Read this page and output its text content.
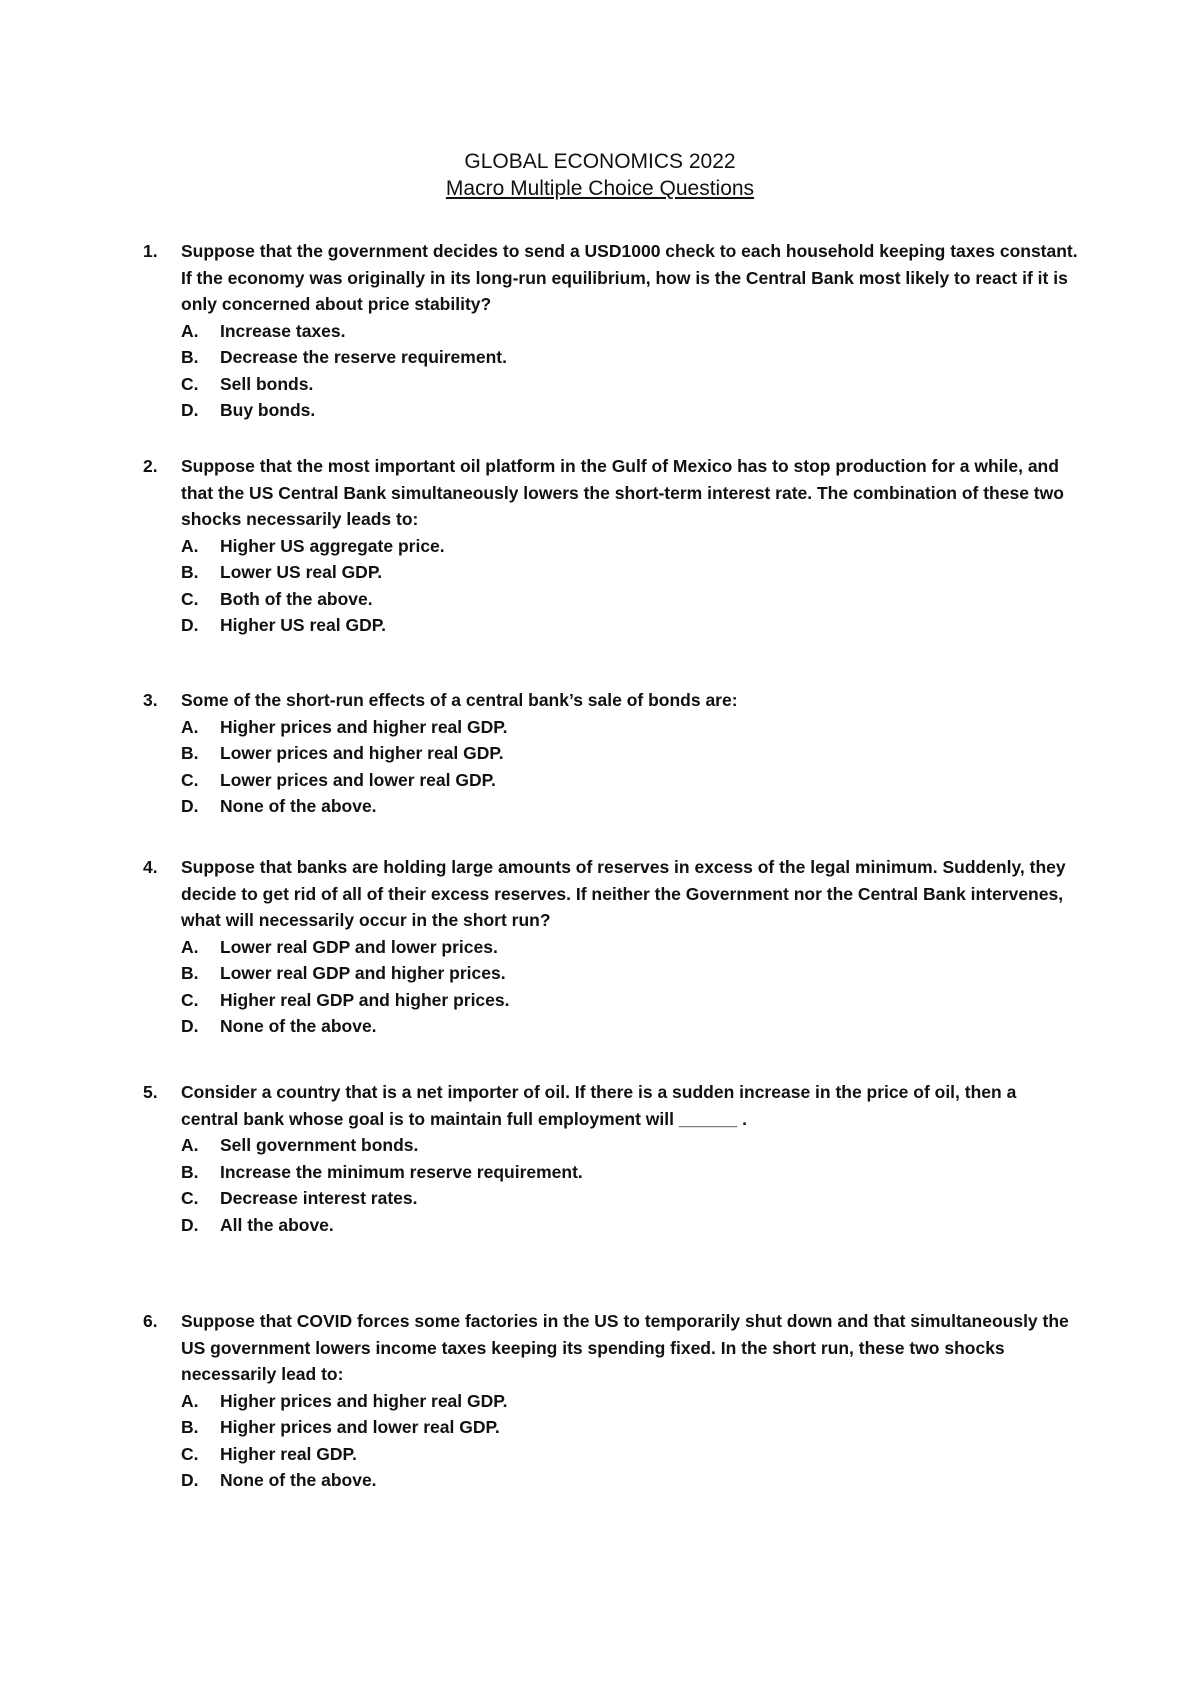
GLOBAL ECONOMICS 2022
Macro Multiple Choice Questions
1. Suppose that the government decides to send a USD1000 check to each household keeping taxes constant. If the economy was originally in its long-run equilibrium, how is the Central Bank most likely to react if it is only concerned about price stability?
A. Increase taxes.
B. Decrease the reserve requirement.
C. Sell bonds.
D. Buy bonds.
2. Suppose that the most important oil platform in the Gulf of Mexico has to stop production for a while, and that the US Central Bank simultaneously lowers the short-term interest rate. The combination of these two shocks necessarily leads to:
A. Higher US aggregate price.
B. Lower US real GDP.
C. Both of the above.
D. Higher US real GDP.
3. Some of the short-run effects of a central bank’s sale of bonds are:
A. Higher prices and higher real GDP.
B. Lower prices and higher real GDP.
C. Lower prices and lower real GDP.
D. None of the above.
4. Suppose that banks are holding large amounts of reserves in excess of the legal minimum. Suddenly, they decide to get rid of all of their excess reserves. If neither the Government nor the Central Bank intervenes, what will necessarily occur in the short run?
A. Lower real GDP and lower prices.
B. Lower real GDP and higher prices.
C. Higher real GDP and higher prices.
D. None of the above.
5. Consider a country that is a net importer of oil. If there is a sudden increase in the price of oil, then a central bank whose goal is to maintain full employment will ______ .
A. Sell government bonds.
B. Increase the minimum reserve requirement.
C. Decrease interest rates.
D. All the above.
6. Suppose that COVID forces some factories in the US to temporarily shut down and that simultaneously the US government lowers income taxes keeping its spending fixed. In the short run, these two shocks necessarily lead to:
A. Higher prices and higher real GDP.
B. Higher prices and lower real GDP.
C. Higher real GDP.
D. None of the above.
